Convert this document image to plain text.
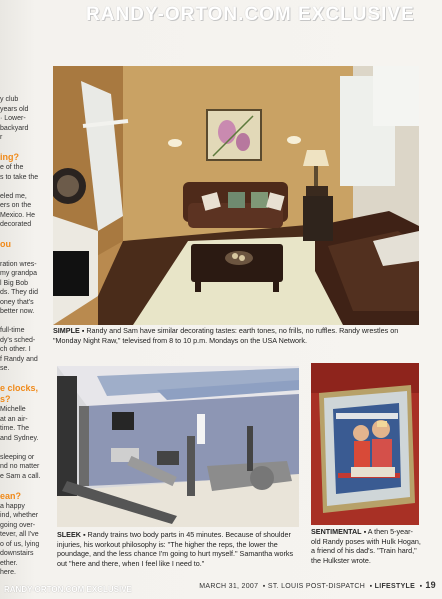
RANDY-ORTON.COM EXCLUSIVE
y club
years old
· Lower-
backyard
r

ing?
e of the
s to take the

eled me,
ers on the
Mexico. He
decorated

ou

ration wres-
my grandpa
l Big Bob
ds. They did
oney that's
better now.

full-time
dy's sched-
ch other. I
f Randy and
se.

e clocks,
s?
Michelle
at an air-
time. The
and Sydney.

sleeping or
nd no matter
e Sam a call.

ean?
a happy
ind, whether
going over-
tever, all I've
o of us, lying
downstairs
ether.
here.
SIMPLE ▪ Randy and Sam have similar decorating tastes: earth tones, no frills, no ruffles. Randy wrestles on "Monday Night Raw," televised from 8 to 10 p.m. Mondays on the USA Network.
SLEEK ▪ Randy trains two body parts in 45 minutes. Because of shoulder injuries, his workout philosophy is: "The higher the reps, the lower the poundage, and the less chance I'm going to hurt myself." Samantha works out "here and there, when I feel like I need to."
SENTIMENTAL ▪ A then 5-year-old Randy poses with Hulk Hogan, a friend of his dad's. "Train hard," the Hulkster wrote.
MARCH 31, 2007  ▪ ST. LOUIS POST-DISPATCH  ▪ LIFESTYLE  ▪ 19
RANDY-ORTON.COM EXCLUSIVE
